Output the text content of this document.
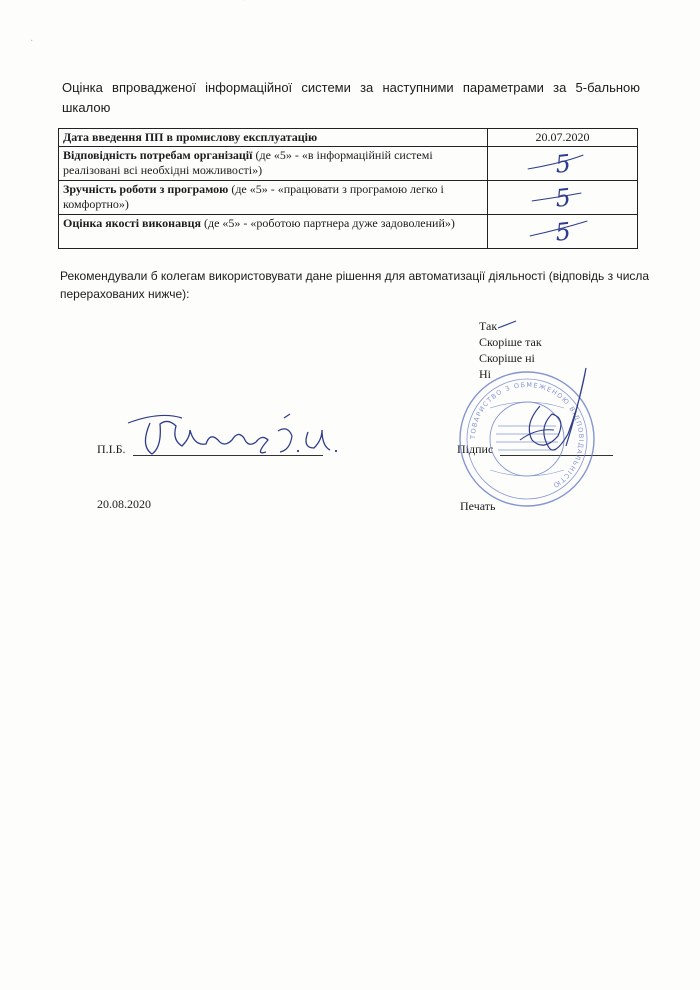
'
·
Оцінка впровадженої інформаційної системи за наступними параметрами за 5-бальною шкалою
Дата введення ПП в промислову експлуатацію	20.07.2020
Відповідність потребам організації (де «5» - «в інформаційній системі реалізовані всі необхідні можливості»)	5

Зручність роботи з програмою (де «5» - «працювати з програмою легко і комфортно»)	5

Оцінка якості виконавця (де «5» - «роботою партнера дуже задоволений»)	5
Рекомендували б колегам використовувати дане рішення для автоматизації діяльності (відповідь з числа перерахованих нижче):
Так
Скоріше так
Скоріше ні
Ні
П.І.Б.	Підпис
20.08.2020	Печать
Яценко В. М.
ТОВАРИСТВО З ОБМЕЖЕНОЮ ВІДПОВІДАЛЬНІСТЮ
